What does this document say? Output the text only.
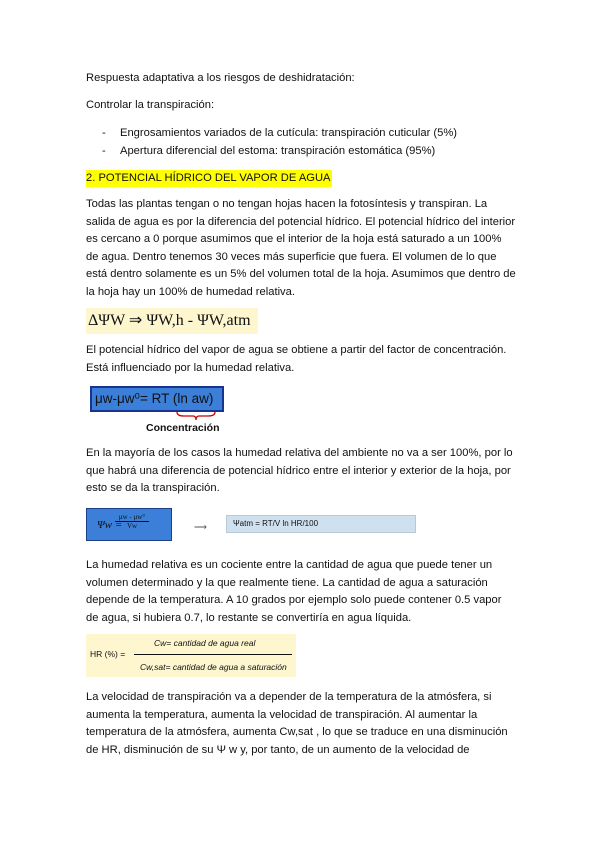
Respuesta adaptativa a los riesgos de deshidratación:
Controlar la transpiración:
-	Engrosamientos variados de la cutícula: transpiración cuticular (5%)
-	Apertura diferencial del estoma: transpiración estomática (95%)
2. POTENCIAL HÍDRICO DEL VAPOR DE AGUA
Todas las plantas tengan o no tengan hojas hacen la fotosíntesis y transpiran. La salida de agua es por la diferencia del potencial hídrico. El potencial hídrico del interior es cercano a 0 porque asumimos que el interior de la hoja está saturado a un 100% de agua. Dentro tenemos 30 veces más superficie que fuera. El volumen de lo que está dentro solamente es un 5% del volumen total de la hoja. Asumimos que dentro de la hoja hay un 100% de humedad relativa.
ΔΨW ⇒ ΨW,h - ΨW,atm
El potencial hídrico del vapor de agua se obtiene a partir del factor de concentración. Está influenciado por la humedad relativa.
μw-μw⁰= RT (ln aw)
Concentración
En la mayoría de los casos la humedad relativa del ambiente no va a ser 100%, por lo que habrá una diferencia de potencial hídrico entre el interior y exterior de la hoja, por esto se da la transpiración.
Ψw =
$\frac{\mu w - \mu w^\circ}{Vw}$	⟶	Ψatm = RT/V ln HR/100
La humedad relativa es un cociente entre la cantidad de agua que puede tener un volumen determinado y la que realmente tiene. La cantidad de agua a saturación depende de la temperatura. A 10 grados por ejemplo solo puede contener 0.5 vapor de agua, si hubiera 0.7, lo restante se convertiría en agua líquida.
HR (%) =
Cw= cantidad de agua real
Cw,sat= cantidad de agua a saturación
La velocidad de transpiración va a depender de la temperatura de la atmósfera, si aumenta la temperatura, aumenta la velocidad de transpiración. Al aumentar la temperatura de la atmósfera, aumenta Cw,sat , lo que se traduce en una disminución de HR, disminución de su Ψ w y, por tanto, de un aumento de la velocidad de
